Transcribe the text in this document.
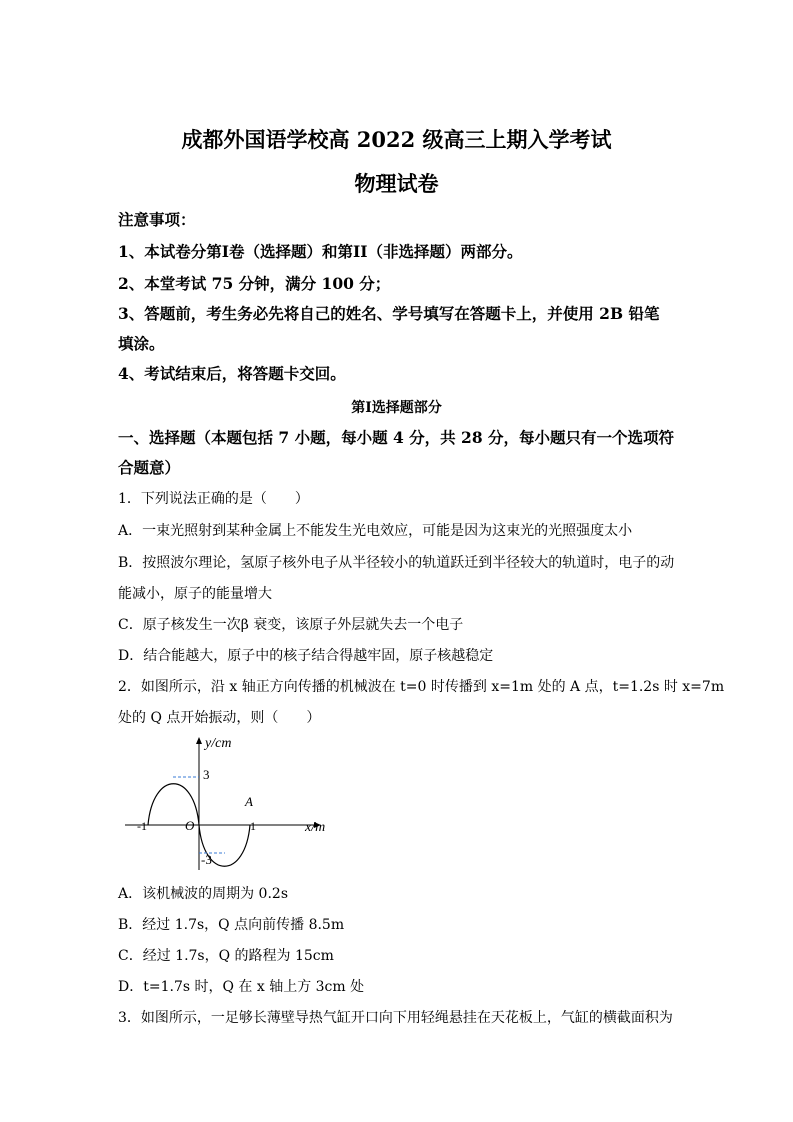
成都外国语学校高 2022 级高三上期入学考试
物理试卷
注意事项：
1、本试卷分第I卷（选择题）和第II（非选择题）两部分。
2、本堂考试 75 分钟，满分 100 分；
3、答题前，考生务必先将自己的姓名、学号填写在答题卡上，并使用 2B 铅笔
填涂。
4、考试结束后，将答题卡交回。
第I选择题部分
一、选择题（本题包括 7 小题，每小题 4 分，共 28 分，每小题只有一个选项符
合题意）
1．下列说法正确的是（　　）
A．一束光照射到某种金属上不能发生光电效应，可能是因为这束光的光照强度太小
B．按照波尔理论，氢原子核外电子从半径较小的轨道跃迁到半径较大的轨道时，电子的动
能减小，原子的能量增大
C．原子核发生一次β 衰变，该原子外层就失去一个电子
D．结合能越大，原子中的核子结合得越牢固，原子核越稳定
2．如图所示，沿 x 轴正方向传播的机械波在 t=0 时传播到 x=1m 处的 A 点，t=1.2s 时 x=7m
处的 Q 点开始振动，则（　　）
y/cm
3
A
-1	O	1	x/m
-3
A．该机械波的周期为 0.2s
B．经过 1.7s，Q 点向前传播 8.5m
C．经过 1.7s，Q 的路程为 15cm
D．t=1.7s 时，Q 在 x 轴上方 3cm 处
3．如图所示，一足够长薄壁导热气缸开口向下用轻绳悬挂在天花板上，气缸的横截面积为
